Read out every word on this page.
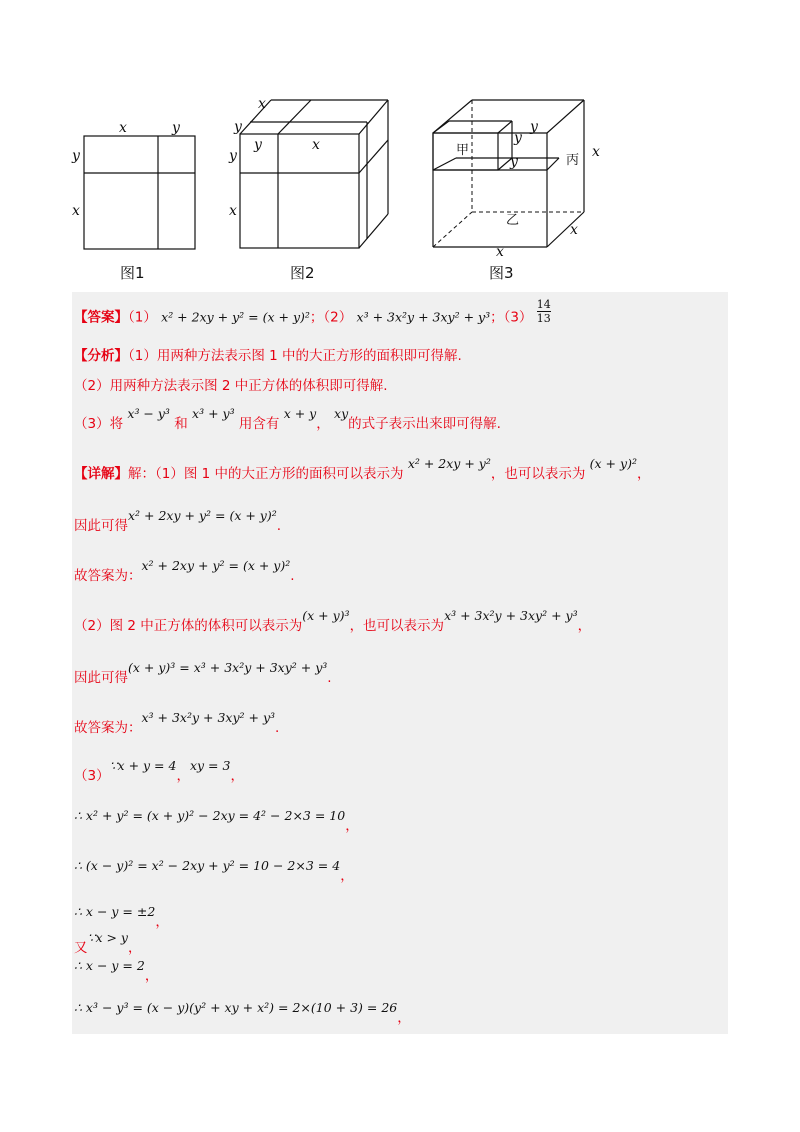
x	y
y
x
x
y
y	x
y
x
甲
乙
丙
y
y
y
x
x
x
图1	图2	图3
【答案】（1） x² + 2xy + y² = (x + y)²；（2） x³ + 3x²y + 3xy² + y³；$(3) \frac{14}{13}$
【分析】（1）用两种方法表示图 1 中的大正方形的面积即可得解.
（2）用两种方法表示图 2 中正方体的体积即可得解.
（3）将 x³ − y³ 和 x³ + y³ 用含有 x + y， xy的式子表示出来即可得解.
【详解】解：（1）图 1 中的大正方形的面积可以表示为 x² + 2xy + y²，也可以表示为 (x + y)²，
因此可得x² + 2xy + y² = (x + y)².
故答案为：x² + 2xy + y² = (x + y)².
（2）图 2 中正方体的体积可以表示为(x + y)³，也可以表示为x³ + 3x²y + 3xy² + y³，
因此可得(x + y)³ = x³ + 3x²y + 3xy² + y³.
故答案为：x³ + 3x²y + 3xy² + y³.
（3）∵x + y = 4，xy = 3，
∴ x² + y² = (x + y)² − 2xy = 4² − 2×3 = 10，
∴ (x − y)² = x² − 2xy + y² = 10 − 2×3 = 4，
∴ x − y = ±2，
又∵x > y，
∴ x − y = 2，
∴ x³ − y³ = (x − y)(y² + xy + x²) = 2×(10 + 3) = 26，
